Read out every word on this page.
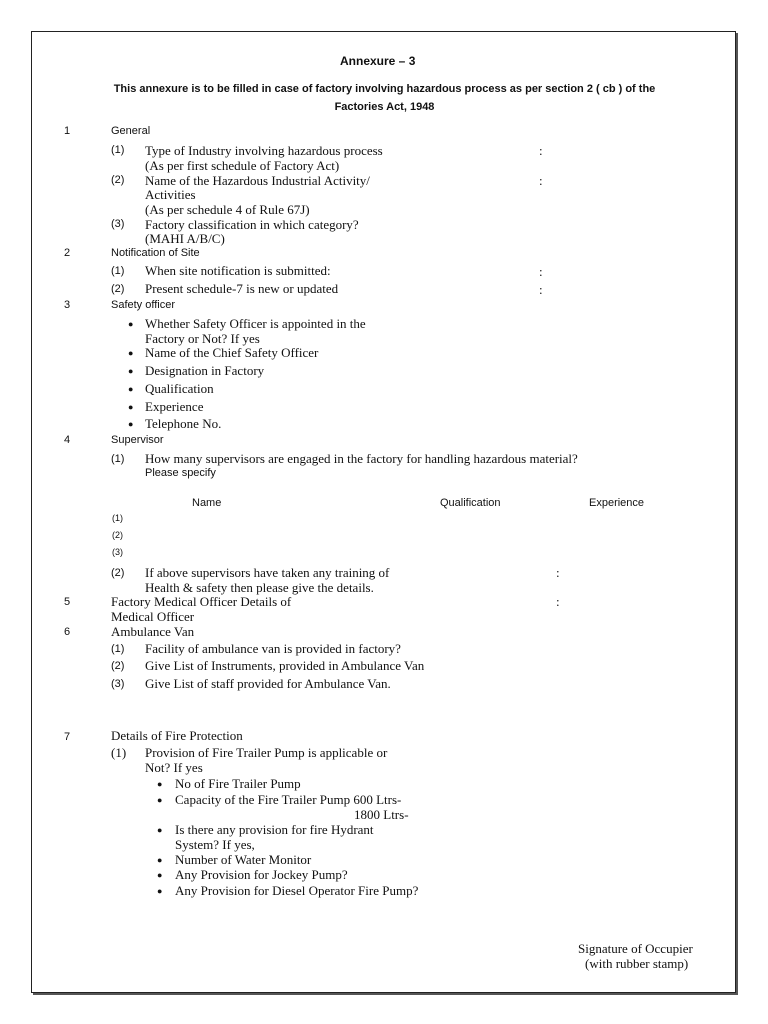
Annexure – 3
This annexure is to be filled in case of factory involving hazardous process as per section 2 ( cb ) of the
Factories Act, 1948
1	General
(1) Type of Industry involving hazardous process
(As per first schedule of Factory Act)
:
(2) Name of the Hazardous Industrial Activity/
Activities
(As per schedule 4 of Rule 67J)
:
(3) Factory classification in which category?
(MAHI A/B/C)
2	Notification of Site
(1) When site notification is submitted:	:
(2) Present schedule-7 is new or updated	:
3	Safety officer
● Whether Safety Officer is appointed in the
Factory or Not? If yes
● Name of the Chief Safety Officer
● Designation in Factory
● Qualification
● Experience
● Telephone No.
4	Supervisor
(1) How many supervisors are engaged in the factory for handling hazardous material?
Please specify
Name	Qualification	Experience
(1)
(2)
(3)
(2) If above supervisors have taken any training of
Health & safety then please give the details.
:
5	Factory Medical Officer Details of
Medical Officer
:
6	Ambulance Van
(1) Facility of ambulance van is provided in factory?
(2) Give List of Instruments, provided in Ambulance Van
(3) Give List of staff provided for Ambulance Van.
7	Details of Fire Protection
(1) Provision of Fire Trailer Pump is applicable or
Not? If yes
● No of Fire Trailer Pump
● Capacity of the Fire Trailer Pump 600 Ltrs-
1800 Ltrs-
● Is there any provision for fire Hydrant
System? If yes,
● Number of Water Monitor
● Any Provision for Jockey Pump?
● Any Provision for Diesel Operator Fire Pump?
Signature of Occupier
(with rubber stamp)
